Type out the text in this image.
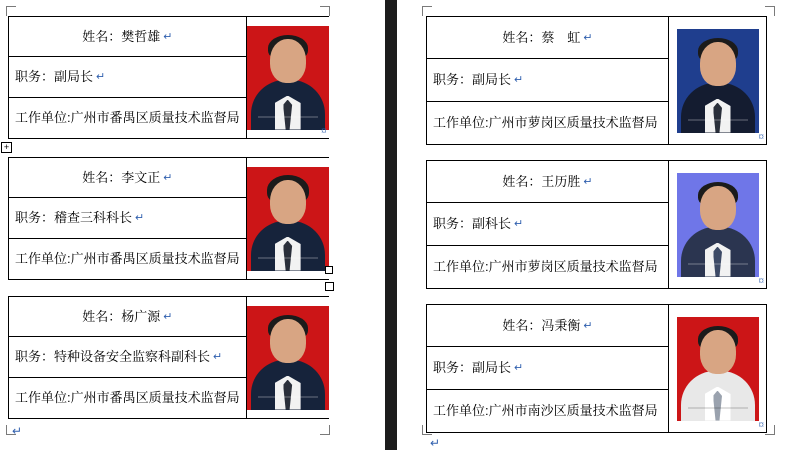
姓名：樊哲雄 ↵
职务：副局长 ↵
工作单位:广州市番禺区质量技术监督局
¤
+
姓名：李文正 ↵
职务：稽查三科科长 ↵
工作单位:广州市番禺区质量技术监督局
姓名：杨广源 ↵
职务：特种设备安全监察科副科长 ↵
工作单位:广州市番禺区质量技术监督局
↵
姓名：蔡　虹 ↵
职务：副局长 ↵
工作单位:广州市萝岗区质量技术监督局
¤
姓名：王历胜 ↵
职务：副科长 ↵
工作单位:广州市萝岗区质量技术监督局
¤
姓名：冯秉衡 ↵
职务：副局长 ↵
工作单位:广州市南沙区质量技术监督局
¤
↵
